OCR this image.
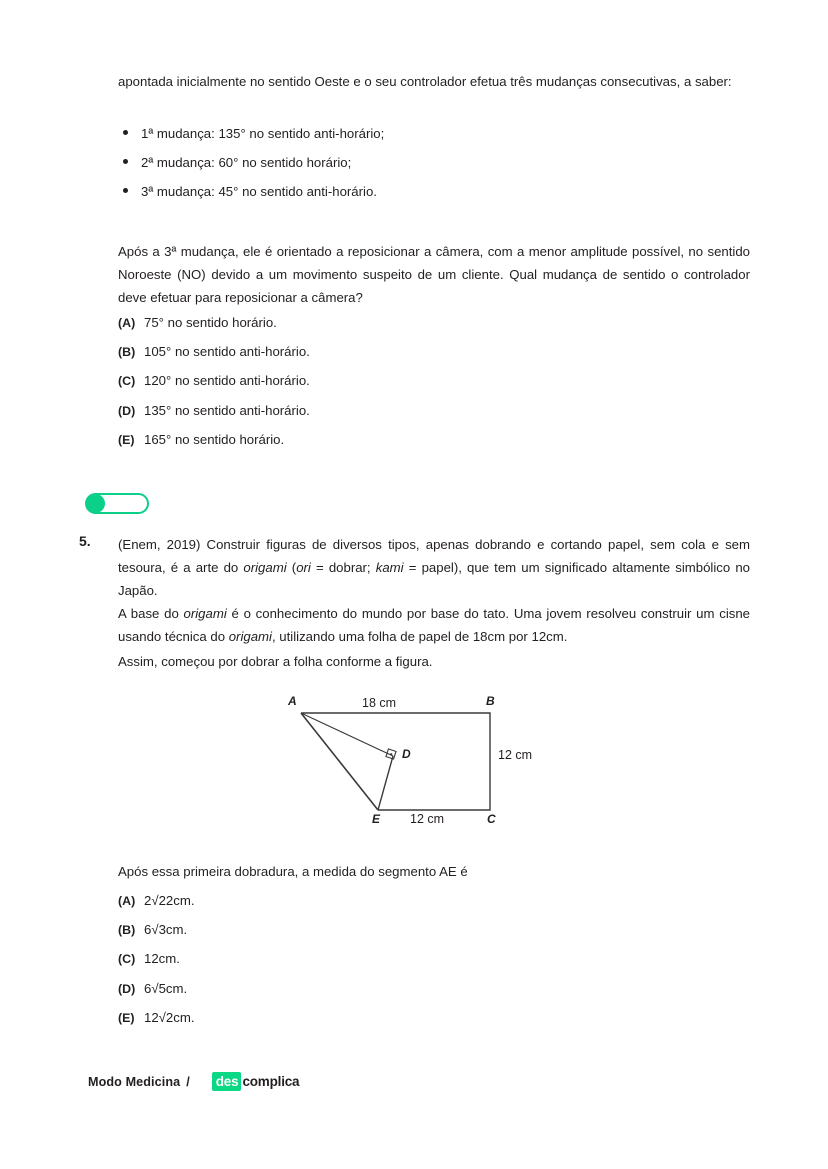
apontada inicialmente no sentido Oeste e o seu controlador efetua três mudanças consecutivas, a saber:
1ª mudança: 135° no sentido anti-horário;
2ª mudança: 60° no sentido horário;
3ª mudança: 45° no sentido anti-horário.
Após a 3ª mudança, ele é orientado a reposicionar a câmera, com a menor amplitude possível, no sentido Noroeste (NO) devido a um movimento suspeito de um cliente. Qual mudança de sentido o controlador deve efetuar para reposicionar a câmera?
(A) 75° no sentido horário.
(B) 105° no sentido anti-horário.
(C) 120° no sentido anti-horário.
(D) 135° no sentido anti-horário.
(E) 165° no sentido horário.
5. (Enem, 2019) Construir figuras de diversos tipos, apenas dobrando e cortando papel, sem cola e sem tesoura, é a arte do origami (ori = dobrar; kami = papel), que tem um significado altamente simbólico no Japão.
A base do origami é o conhecimento do mundo por base do tato. Uma jovem resolveu construir um cisne usando técnica do origami, utilizando uma folha de papel de 18cm por 12cm.
Assim, começou por dobrar a folha conforme a figura.
A	B
D
E	C
18 cm
12 cm
12 cm
Após essa primeira dobradura, a medida do segmento AE é
(A) 2√22cm.
(B) 6√3cm.
(C) 12cm.
(D) 6√5cm.
(E) 12√2cm.
Modo Medicina / des complica
